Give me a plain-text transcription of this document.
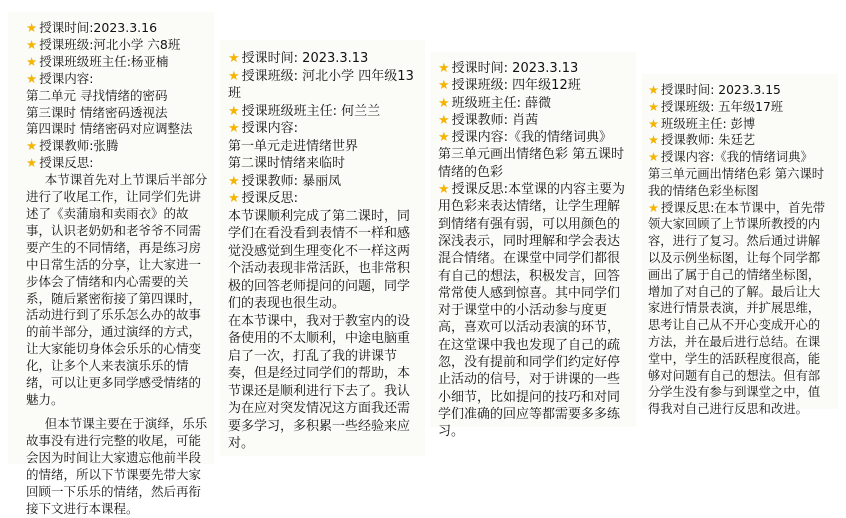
★ 授课时间:2023.3.16
★ 授课班级:河北小学 六8班
★ 授课班级班主任:杨亚楠
★ 授课内容:
第二单元 寻找情绪的密码
第三课时 情绪密码透视法
第四课时 情绪密码对应调整法
★ 授课教师:张腾
★ 授课反思:
本节课首先对上节课后半部分进行了收尾工作，让同学们先讲述了《卖蒲扇和卖雨衣》的故事，认识老奶奶和老爷爷不同需要产生的不同情绪，再是练习房中日常生活的分享，让大家进一步体会了情绪和内心需要的关系，随后紧密衔接了第四课时，活动进行到了乐乐怎么办的故事的前半部分，通过演绎的方式，让大家能切身体会乐乐的心情变化，让多个人来表演乐乐的情绪，可以让更多同学感受情绪的魅力。
但本节课主要在于演绎，乐乐故事没有进行完整的收尾，可能会因为时间让大家遗忘他前半段的情绪，所以下节课要先带大家回顾一下乐乐的情绪，然后再衔接下文进行本课程。
★ 授课时间: 2023.3.13
★ 授课班级: 河北小学 四年级13班
★ 授课班级班主任: 何兰兰
★ 授课内容:
第一单元走进情绪世界
第二课时情绪来临时
★ 授课教师: 暴丽凤
★ 授课反思:
本节课顺利完成了第二课时，同学们在看没看到表情不一样和感觉没感觉到生理变化不一样这两个活动表现非常活跃，也非常积极的回答老师提问的问题，同学们的表现也很生动。
在本节课中，我对于教室内的设备使用的不太顺利，中途电脑重启了一次，打乱了我的讲课节奏，但是经过同学们的帮助，本节课还是顺利进行下去了。我认为在应对突发情况这方面我还需要多学习，多积累一些经验来应对。
★ 授课时间: 2023.3.13
★ 授课班级: 四年级12班
★ 班级班主任: 薛微
★ 授课教师: 肖茜
★ 授课内容:《我的情绪词典》
第三单元画出情绪色彩 第五课时
情绪的色彩
★ 授课反思:本堂课的内容主要为用色彩来表达情绪，让学生理解到情绪有强有弱，可以用颜色的深浅表示，同时理解和学会表达混合情绪。在课堂中同学们都很有自己的想法，积极发言，回答常常使人感到惊喜。其中同学们对于课堂中的小活动参与度更高，喜欢可以活动表演的环节，在这堂课中我也发现了自己的疏忽，没有提前和同学们约定好停止活动的信号，对于讲课的一些小细节，比如提问的技巧和对同学们准确的回应等都需要多多练习。
★ 授课时间: 2023.3.15
★ 授课班级: 五年级17班
★ 班级班主任: 彭博
★ 授课教师: 朱廷艺
★ 授课内容:《我的情绪词典》
第三单元画出情绪色彩 第六课时
我的情绪色彩坐标图
★ 授课反思:在本节课中，首先带领大家回顾了上节课所教授的内容，进行了复习。然后通过讲解以及示例坐标图，让每个同学都画出了属于自己的情绪坐标图，增加了对自己的了解。最后让大家进行情景表演，并扩展思维，思考让自己从不开心变成开心的方法，并在最后进行总结。在课堂中，学生的活跃程度很高，能够对问题有自己的想法。但有部分学生没有参与到课堂之中，值得我对自己进行反思和改进。
